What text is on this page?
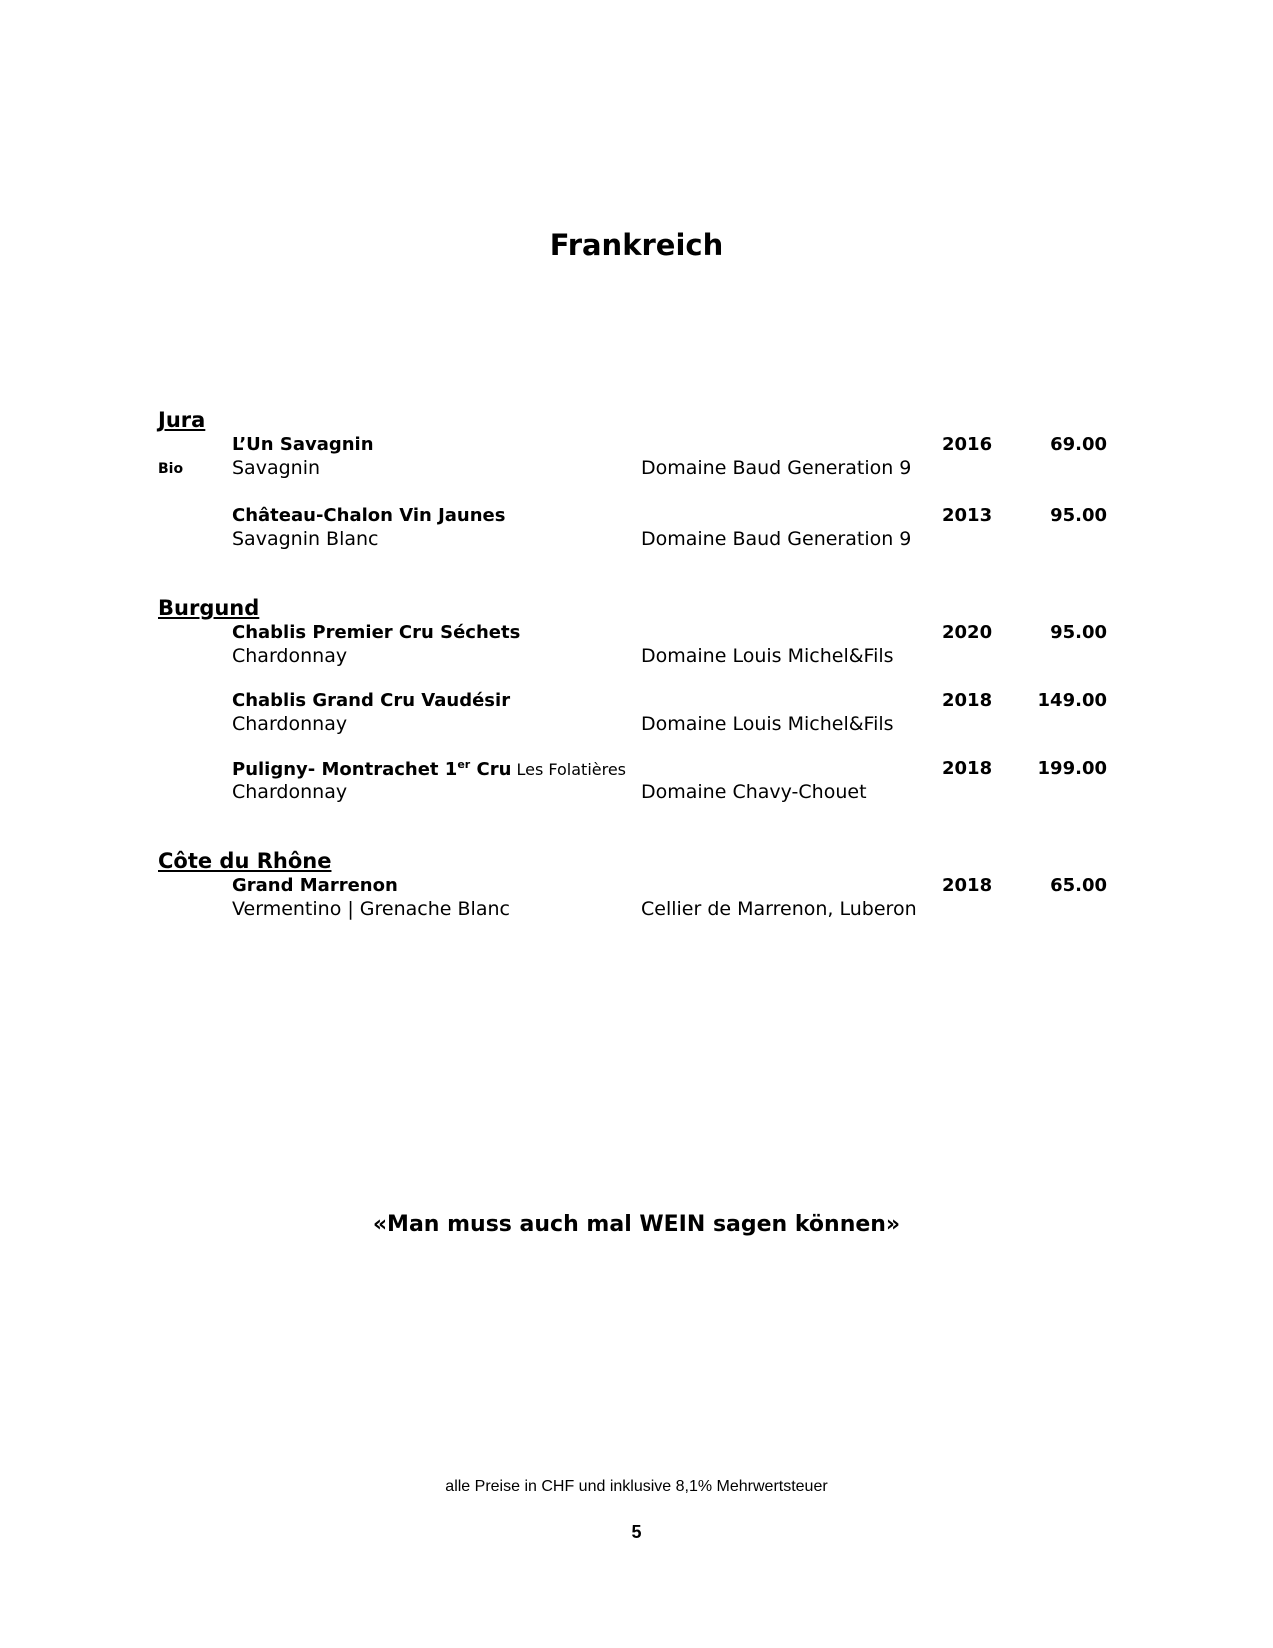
Frankreich
Jura
L’Un Savagnin	2016	69.00
Bio	Savagnin	Domaine Baud Generation 9
Château-Chalon Vin Jaunes	2013	95.00
Savagnin Blanc	Domaine Baud Generation 9
Burgund
Chablis Premier Cru Séchets	2020	95.00
Chardonnay	Domaine Louis Michel&Fils
Chablis Grand Cru Vaudésir	2018	149.00
Chardonnay	Domaine Louis Michel&Fils
Puligny- Montrachet 1er Cru Les Folatières	2018	199.00
Chardonnay	Domaine Chavy-Chouet
Côte du Rhône
Grand Marrenon	2018	65.00
Vermentino | Grenache Blanc	Cellier de Marrenon, Luberon
«Man muss auch mal WEIN sagen können»
alle Preise in CHF und inklusive 8,1% Mehrwertsteuer
5
